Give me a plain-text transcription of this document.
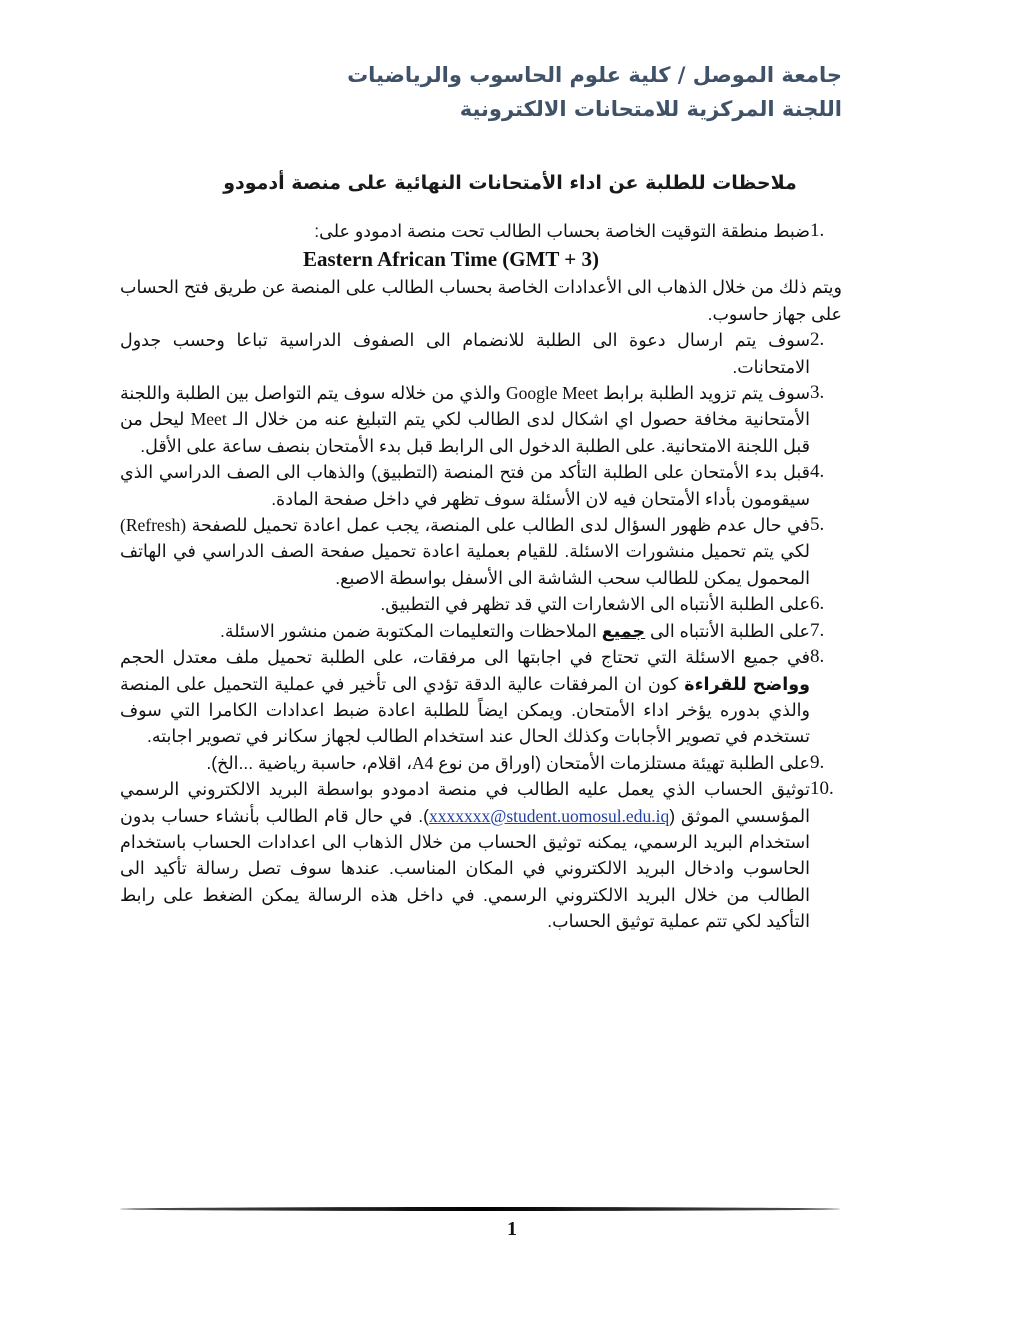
جامعة الموصل / كلية علوم الحاسوب والرياضيات
اللجنة المركزية للامتحانات الالكترونية
ملاحظات للطلبة عن اداء الأمتحانات النهائية على منصة أدمودو
1.
ضبط منطقة التوقيت الخاصة بحساب الطالب تحت منصة ادمودو على:
Eastern African Time (GMT + 3)
ويتم ذلك من خلال الذهاب الى الأعدادات الخاصة بحساب الطالب على المنصة عن طريق فتح الحساب على جهاز حاسوب.
2.
سوف يتم ارسال دعوة الى الطلبة للانضمام الى الصفوف الدراسية تباعا وحسب جدول الامتحانات.
3.
سوف يتم تزويد الطلبة برابط Google Meet والذي من خلاله سوف يتم التواصل بين الطلبة واللجنة الأمتحانية مخافة حصول اي اشكال لدى الطالب لكي يتم التبليغ عنه من خلال الـ Meet ليحل من قبل اللجنة الامتحانية. على الطلبة الدخول الى الرابط قبل بدء الأمتحان بنصف ساعة على الأقل.
4.
قبل بدء الأمتحان على الطلبة التأكد من فتح المنصة (التطبيق) والذهاب الى الصف الدراسي الذي سيقومون بأداء الأمتحان فيه لان الأسئلة سوف تظهر في داخل صفحة المادة.
5.
في حال عدم ظهور السؤال لدى الطالب على المنصة، يجب عمل اعادة تحميل للصفحة (Refresh) لكي يتم تحميل منشورات الاسئلة. للقيام بعملية اعادة تحميل صفحة الصف الدراسي في الهاتف المحمول يمكن للطالب سحب الشاشة الى الأسفل بواسطة الاصبع.
6.
على الطلبة الأنتباه الى الاشعارات التي قد تظهر في التطبيق.
7.
على الطلبة الأنتباه الى جميع الملاحظات والتعليمات المكتوبة ضمن منشور الاسئلة.
8.
في جميع الاسئلة التي تحتاج في اجابتها الى مرفقات، على الطلبة تحميل ملف معتدل الحجم وواضح للقراءة كون ان المرفقات عالية الدقة تؤدي الى تأخير في عملية التحميل على المنصة والذي بدوره يؤخر اداء الأمتحان. ويمكن ايضاً للطلبة اعادة ضبط اعدادات الكامرا التي سوف تستخدم في تصوير الأجابات وكذلك الحال عند استخدام الطالب لجهاز سكانر في تصوير اجابته.
9.
على الطلبة تهيئة مستلزمات الأمتحان (اوراق من نوع A4، اقلام، حاسبة رياضية ...الخ).
10.
توثيق الحساب الذي يعمل عليه الطالب في منصة ادمودو بواسطة البريد الالكتروني الرسمي المؤسسي الموثق (xxxxxxx@student.uomosul.edu.iq). في حال قام الطالب بأنشاء حساب بدون استخدام البريد الرسمي، يمكنه توثيق الحساب من خلال الذهاب الى اعدادات الحساب باستخدام الحاسوب وادخال البريد الالكتروني في المكان المناسب. عندها سوف تصل رسالة تأكيد الى الطالب من خلال البريد الالكتروني الرسمي. في داخل هذه الرسالة يمكن الضغط على رابط التأكيد لكي تتم عملية توثيق الحساب.
1
